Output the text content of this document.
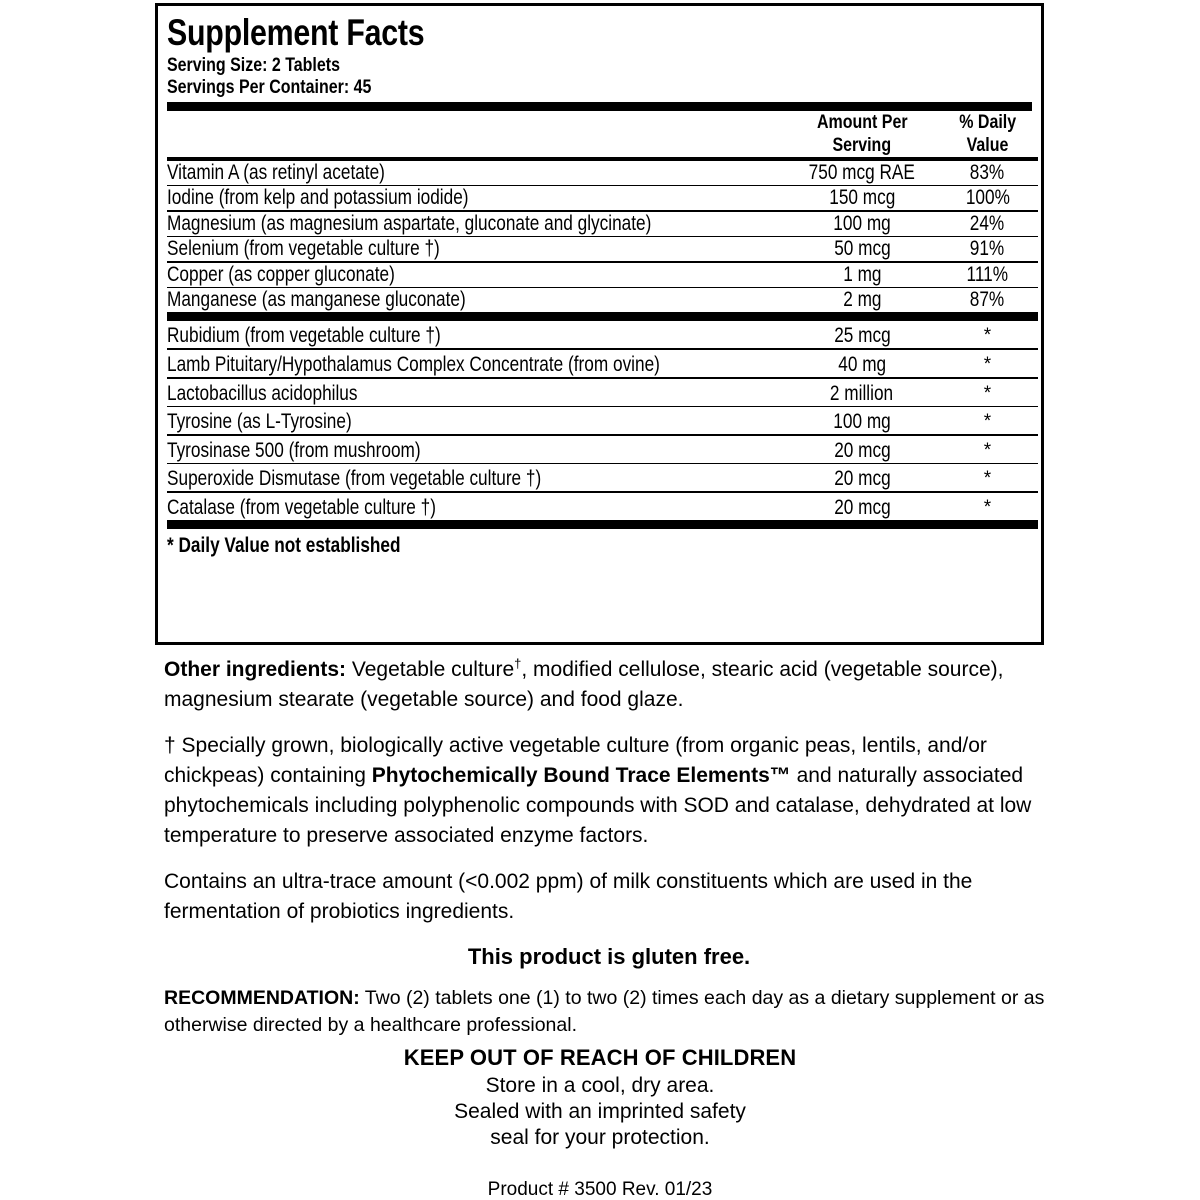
Supplement Facts
Serving Size: 2 Tablets
Servings Per Container: 45
	Amount Per
Serving	% Daily
Value

Vitamin A (as retinyl acetate)	750 mcg RAE	83%

Iodine (from kelp and potassium iodide)	150 mcg	100%

Magnesium (as magnesium aspartate, gluconate and glycinate)	100 mg	24%

Selenium (from vegetable culture †)	50 mcg	91%

Copper (as copper gluconate)	1 mg	111%

Manganese (as manganese gluconate)	2 mg	87%

Rubidium (from vegetable culture †)	25 mcg	*

Lamb Pituitary/Hypothalamus Complex Concentrate (from ovine)	40 mg	*

Lactobacillus acidophilus	2 million	*

Tyrosine (as L-Tyrosine)	100 mg	*

Tyrosinase 500 (from mushroom)	20 mcg	*

Superoxide Dismutase (from vegetable culture †)	20 mcg	*

Catalase (from vegetable culture †)	20 mcg	*

* Daily Value not established

Other ingredients: Vegetable culture†, modified cellulose, stearic acid (vegetable source), magnesium stearate (vegetable source) and food glaze.

† Specially grown, biologically active vegetable culture (from organic peas, lentils, and/or chickpeas) containing Phytochemically Bound Trace Elements™ and naturally associated phytochemicals including polyphenolic compounds with SOD and catalase, dehydrated at low temperature to preserve associated enzyme factors.

Contains an ultra-trace amount (<0.002 ppm) of milk constituents which are used in the fermentation of probiotics ingredients.

This product is gluten free.

RECOMMENDATION: Two (2) tablets one (1) to two (2) times each day as a dietary supplement or as otherwise directed by a healthcare professional.

KEEP OUT OF REACH OF CHILDREN
Store in a cool, dry area.
Sealed with an imprinted safety
seal for your protection.
Product # 3500 Rev. 01/23
